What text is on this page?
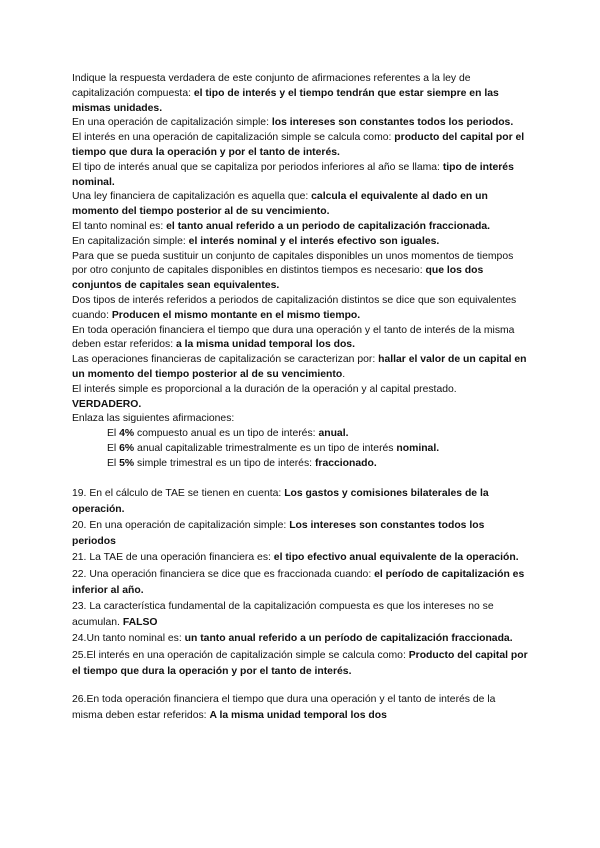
Indique la respuesta verdadera de este conjunto de afirmaciones referentes a la ley de capitalización compuesta: el tipo de interés y el tiempo tendrán que estar siempre en las mismas unidades.

En una operación de capitalización simple: los intereses son constantes todos los periodos.

El interés en una operación de capitalización simple se calcula como: producto del capital por el tiempo que dura la operación y por el tanto de interés.

El tipo de interés anual que se capitaliza por periodos inferiores al año se llama: tipo de interés nominal.

Una ley financiera de capitalización es aquella que: calcula el equivalente al dado en un momento del tiempo posterior al de su vencimiento.

El tanto nominal es: el tanto anual referido a un periodo de capitalización fraccionada.

En capitalización simple: el interés nominal y el interés efectivo son iguales.

Para que se pueda sustituir un conjunto de capitales disponibles un unos momentos de tiempos por otro conjunto de capitales disponibles en distintos tiempos es necesario: que los dos conjuntos de capitales sean equivalentes.

Dos tipos de interés referidos a periodos de capitalización distintos se dice que son equivalentes cuando: Producen el mismo montante en el mismo tiempo.

En toda operación financiera el tiempo que dura una operación y el tanto de interés de la misma deben estar referidos: a la misma unidad temporal los dos.

Las operaciones financieras de capitalización se caracterizan por: hallar el valor de un capital en un momento del tiempo posterior al de su vencimiento.

El interés simple es proporcional a la duración de la operación y al capital prestado. VERDADERO.

Enlaza las siguientes afirmaciones:

El 4% compuesto anual es un tipo de interés: anual.

El 6% anual capitalizable trimestralmente es un tipo de interés nominal.

El 5% simple trimestral es un tipo de interés: fraccionado.

19. En el cálculo de TAE se tienen en cuenta: Los gastos y comisiones bilaterales de la operación.

20. En una operación de capitalización simple: Los intereses son constantes todos los periodos

21. La TAE de una operación financiera es: el tipo efectivo anual equivalente de la operación.

22. Una operación financiera se dice que es fraccionada cuando: el período de capitalización es inferior al año.

23. La característica fundamental de la capitalización compuesta es que los intereses no se acumulan. FALSO

24.Un tanto nominal es: un tanto anual referido a un período de capitalización fraccionada.

25.El interés en una operación de capitalización simple se calcula como: Producto del capital por el tiempo que dura la operación y por el tanto de interés.

26.En toda operación financiera el tiempo que dura una operación y el tanto de interés de la misma deben estar referidos: A la misma unidad temporal los dos
